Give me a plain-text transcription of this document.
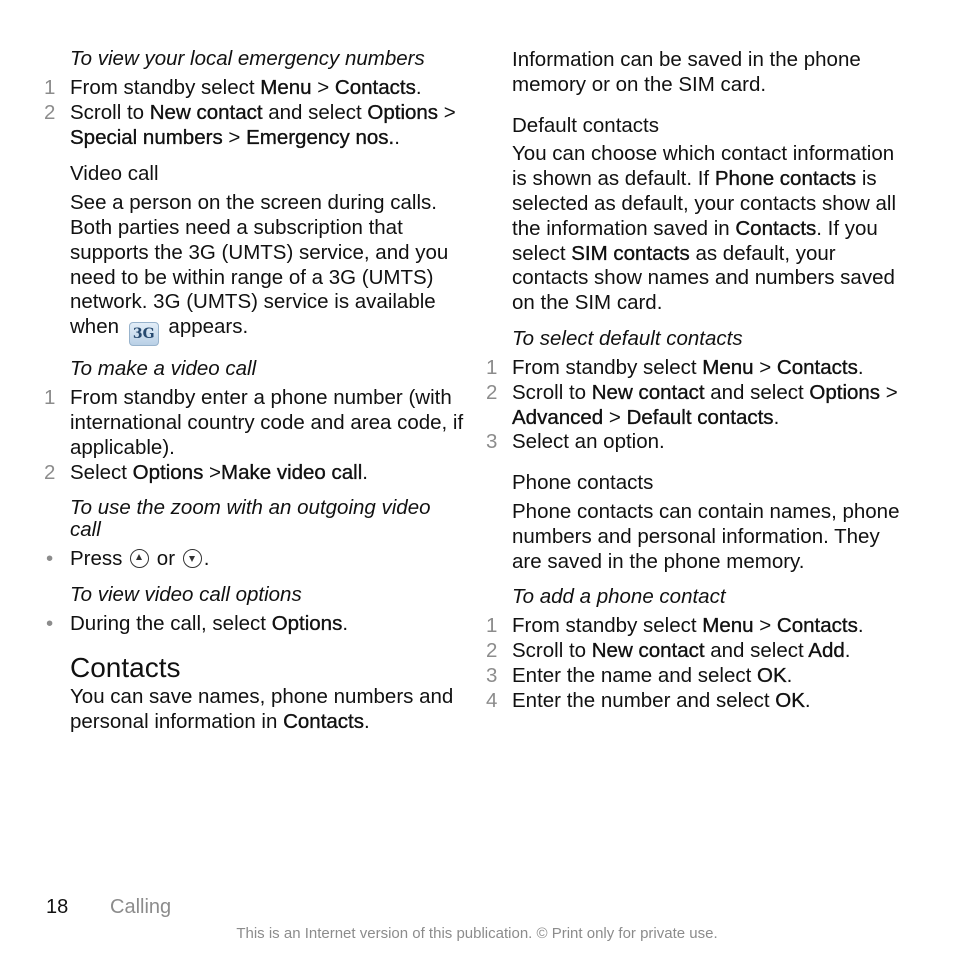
To view your local emergency numbers
1 From standby select Menu > Contacts.
2 Scroll to New contact and select Options > Special numbers > Emergency nos..
Video call
See a person on the screen during calls. Both parties need a subscription that supports the 3G (UMTS) service, and you need to be within range of a 3G (UMTS) network. 3G (UMTS) service is available when 3G appears.
To make a video call
1 From standby enter a phone number (with international country code and area code, if applicable).
2 Select Options >Make video call.
To use the zoom with an outgoing video call
• Press  or .
To view video call options
• During the call, select Options.
Contacts
You can save names, phone numbers and personal information in Contacts.
Information can be saved in the phone memory or on the SIM card.
Default contacts
You can choose which contact information is shown as default. If Phone contacts is selected as default, your contacts show all the information saved in Contacts. If you select SIM contacts as default, your contacts show names and numbers saved on the SIM card.
To select default contacts
1 From standby select Menu > Contacts.
2 Scroll to New contact and select Options > Advanced > Default contacts.
3 Select an option.
Phone contacts
Phone contacts can contain names, phone numbers and personal information. They are saved in the phone memory.
To add a phone contact
1 From standby select Menu > Contacts.
2 Scroll to New contact and select Add.
3 Enter the name and select OK.
4 Enter the number and select OK.
18 Calling
This is an Internet version of this publication. © Print only for private use.
